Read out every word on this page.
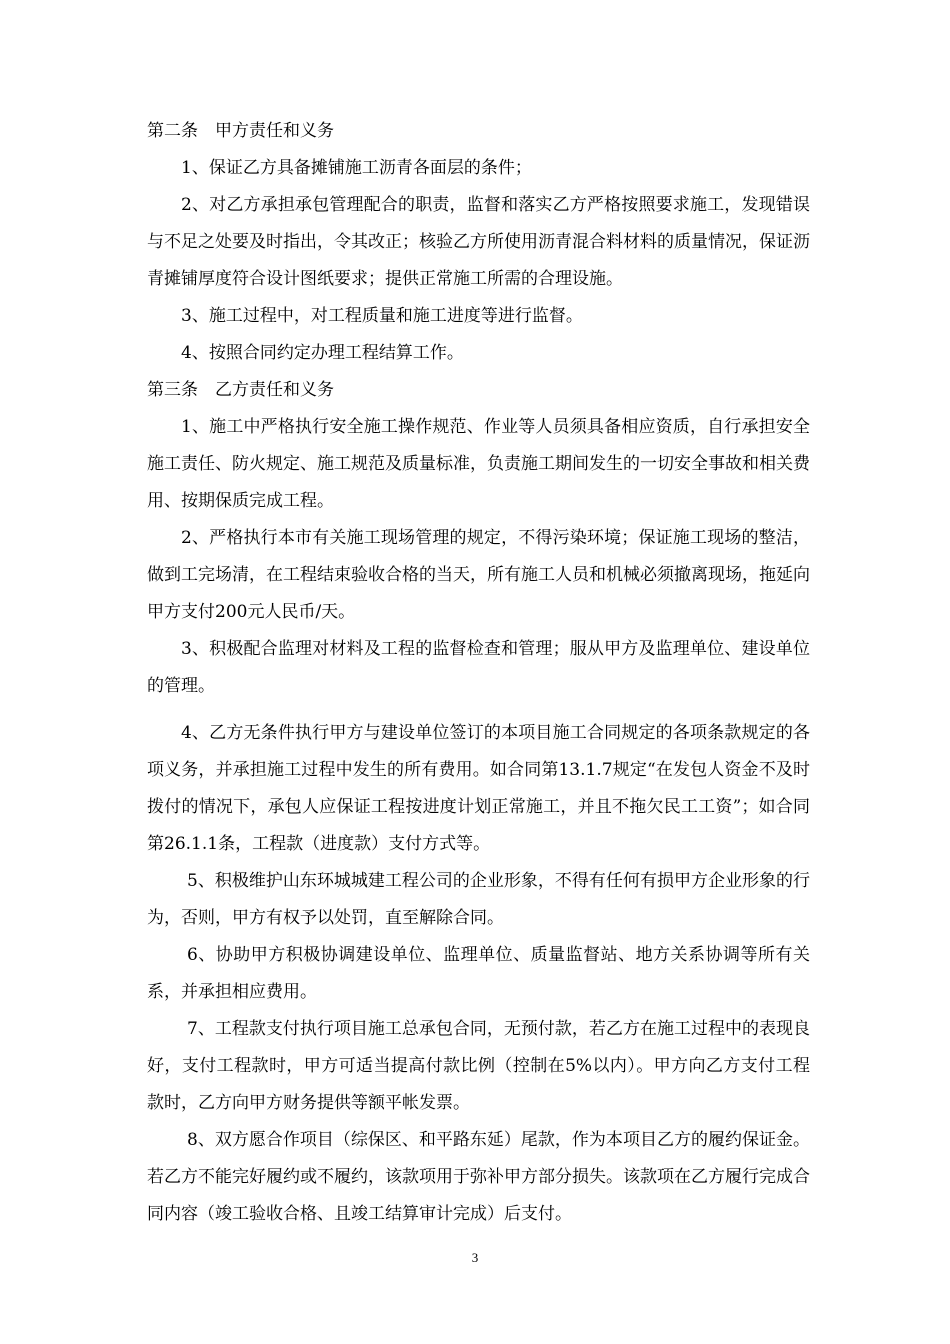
第二条　甲方责任和义务

1、保证乙方具备摊铺施工沥青各面层的条件；

2、对乙方承担承包管理配合的职责，监督和落实乙方严格按照要求施工，发现错误与不足之处要及时指出，令其改正；核验乙方所使用沥青混合料材料的质量情况，保证沥青摊铺厚度符合设计图纸要求；提供正常施工所需的合理设施。

3、施工过程中，对工程质量和施工进度等进行监督。

4、按照合同约定办理工程结算工作。

第三条　乙方责任和义务

1、施工中严格执行安全施工操作规范、作业等人员须具备相应资质，自行承担安全施工责任、防火规定、施工规范及质量标准，负责施工期间发生的一切安全事故和相关费用、按期保质完成工程。

2、严格执行本市有关施工现场管理的规定，不得污染环境；保证施工现场的整洁，做到工完场清，在工程结束验收合格的当天，所有施工人员和机械必须撤离现场，拖延向甲方支付200元人民币/天。

3、积极配合监理对材料及工程的监督检查和管理；服从甲方及监理单位、建设单位的管理。

4、乙方无条件执行甲方与建设单位签订的本项目施工合同规定的各项条款规定的各项义务，并承担施工过程中发生的所有费用。如合同第13.1.7规定“在发包人资金不及时拨付的情况下，承包人应保证工程按进度计划正常施工，并且不拖欠民工工资”；如合同第26.1.1条，工程款（进度款）支付方式等。

5、积极维护山东环城城建工程公司的企业形象，不得有任何有损甲方企业形象的行为，否则，甲方有权予以处罚，直至解除合同。

6、协助甲方积极协调建设单位、监理单位、质量监督站、地方关系协调等所有关系，并承担相应费用。

7、工程款支付执行项目施工总承包合同，无预付款，若乙方在施工过程中的表现良好，支付工程款时，甲方可适当提高付款比例（控制在5%以内）。甲方向乙方支付工程款时，乙方向甲方财务提供等额平帐发票。

8、双方愿合作项目（综保区、和平路东延）尾款，作为本项目乙方的履约保证金。若乙方不能完好履约或不履约，该款项用于弥补甲方部分损失。该款项在乙方履行完成合同内容（竣工验收合格、且竣工结算审计完成）后支付。

3
